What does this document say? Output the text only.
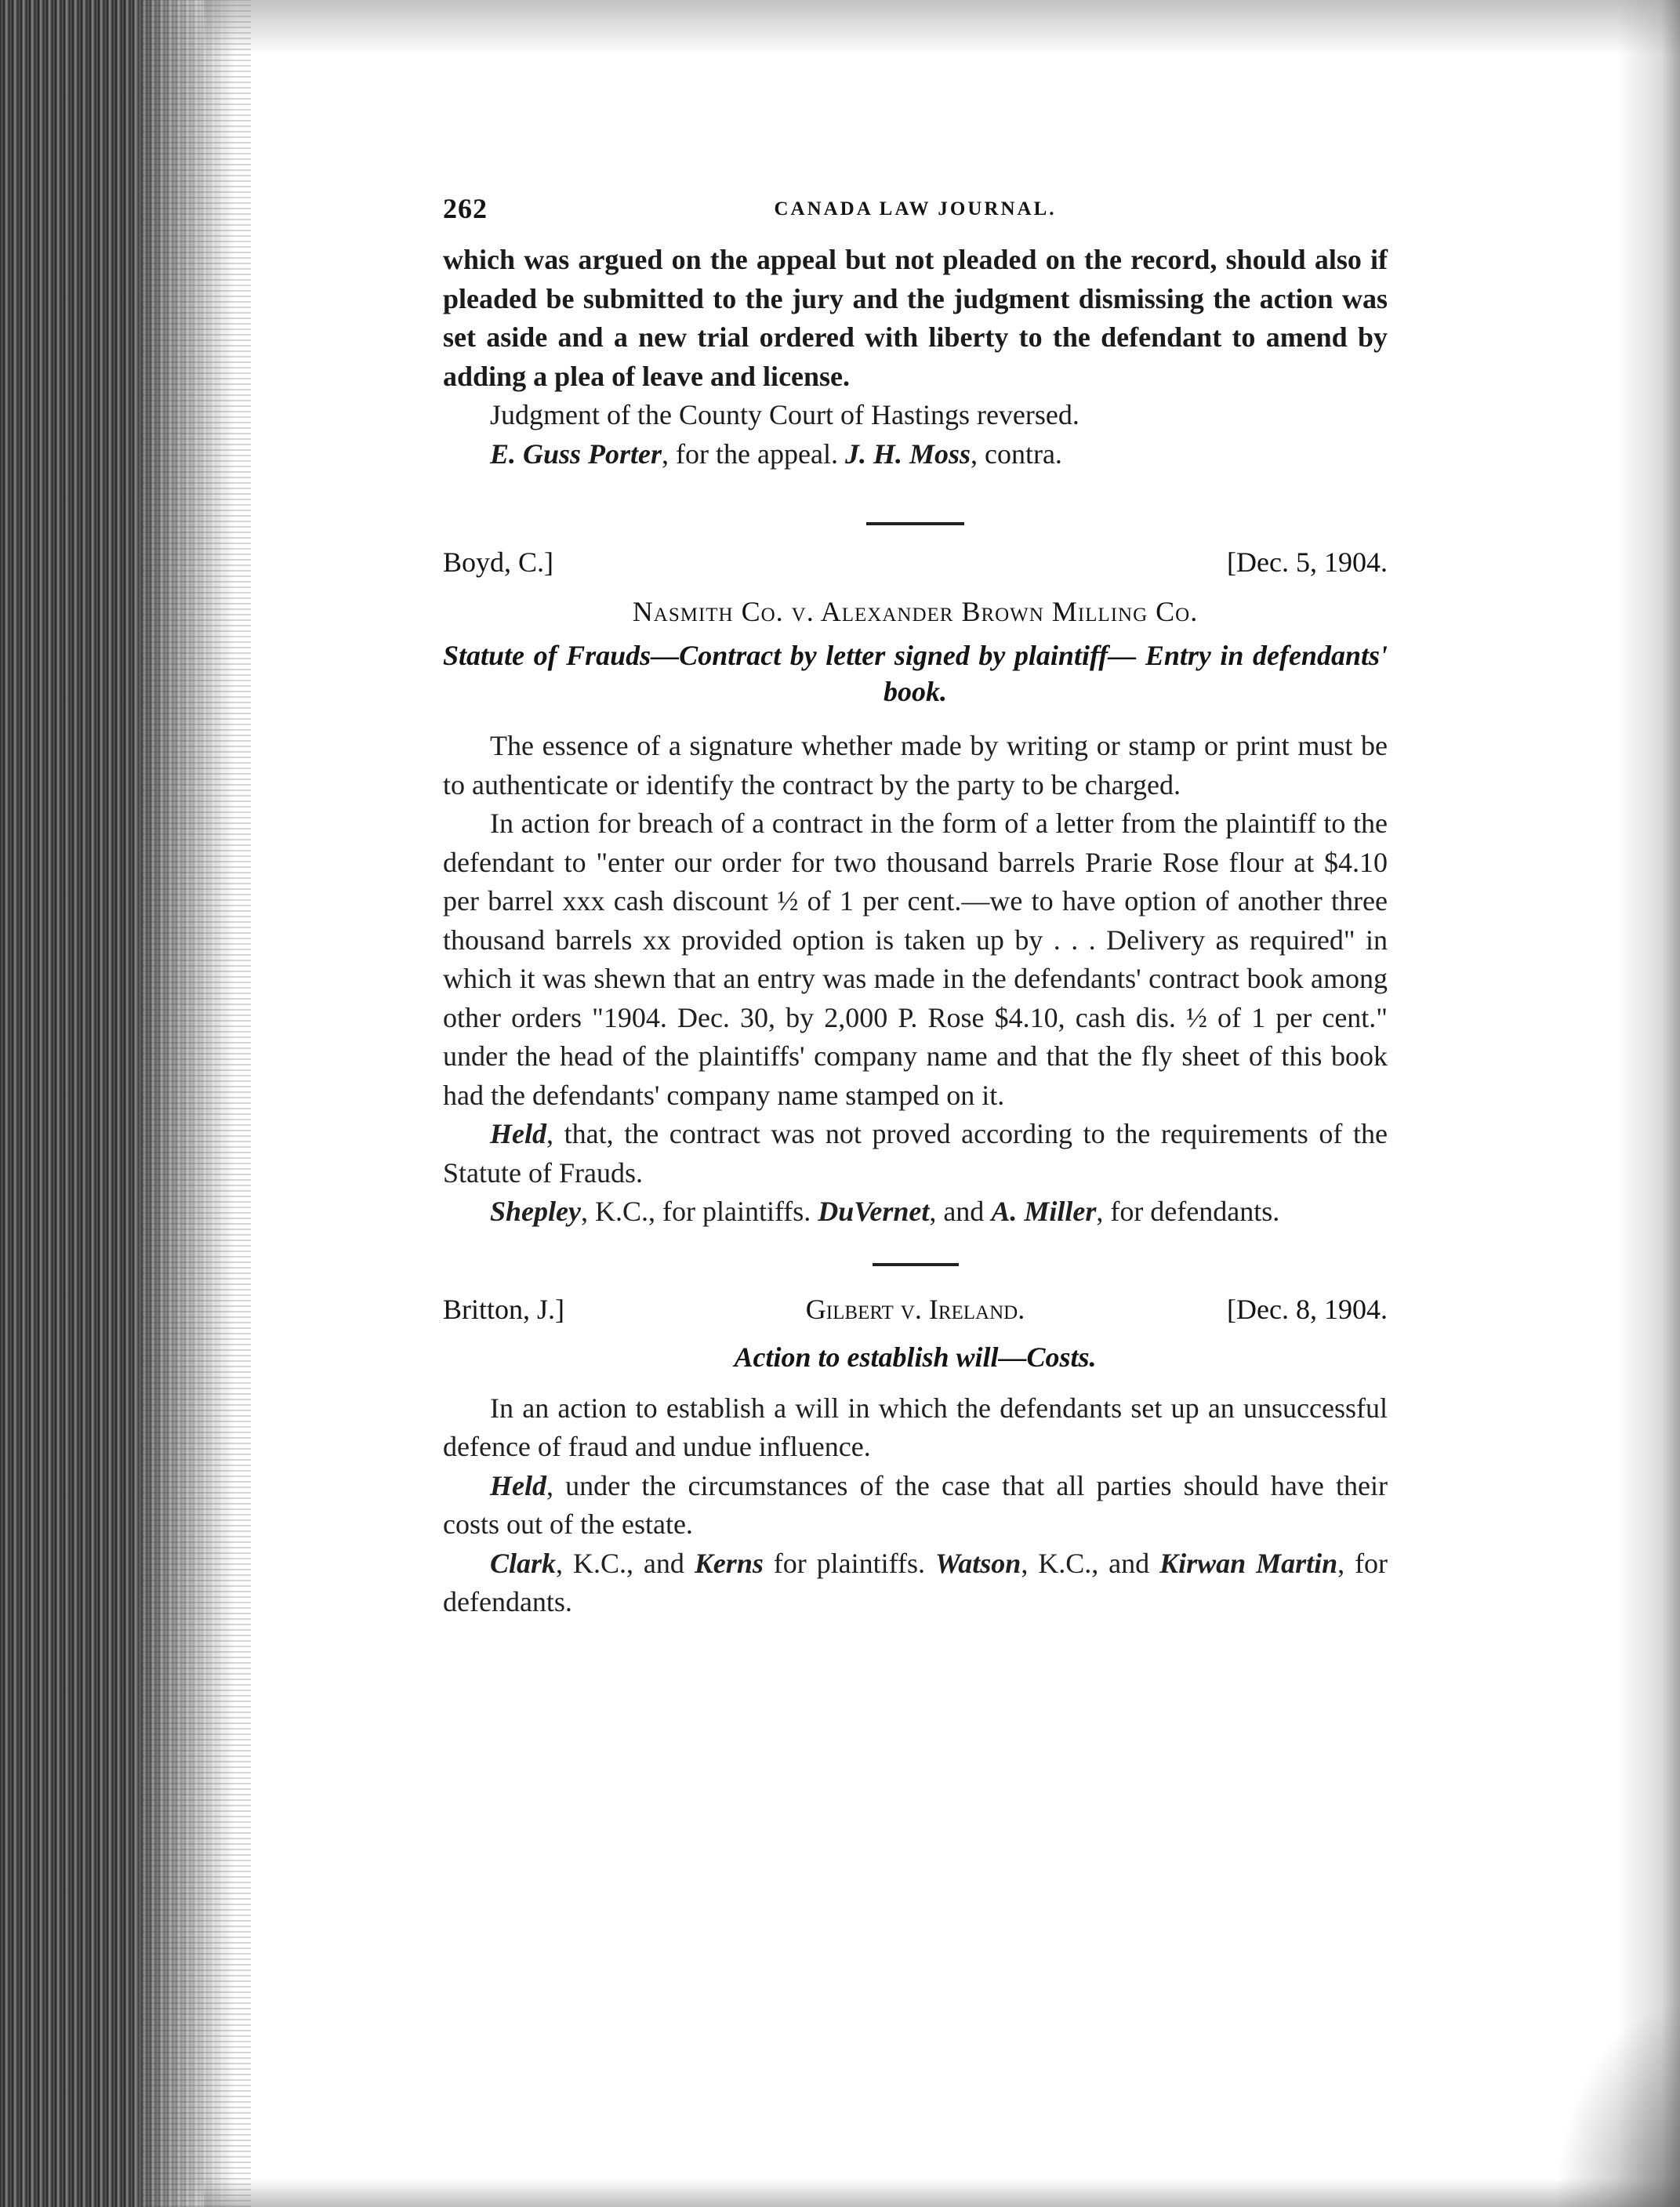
262	CANADA LAW JOURNAL.

which was argued on the appeal but not pleaded on the record, should also if pleaded be submitted to the jury and the judgment dismissing the action was set aside and a new trial ordered with liberty to the defendant to amend by adding a plea of leave and license.

Judgment of the County Court of Hastings reversed.

E. Guss Porter, for the appeal. J. H. Moss, contra.

Boyd, C.]	[Dec. 5, 1904.
Nasmith Co. v. Alexander Brown Milling Co.
Statute of Frauds—Contract by letter signed by plaintiff— Entry in defendants' book.

The essence of a signature whether made by writing or stamp or print must be to authenticate or identify the contract by the party to be charged.

In action for breach of a contract in the form of a letter from the plaintiff to the defendant to "enter our order for two thousand barrels Prarie Rose flour at $4.10 per barrel xxx cash discount ½ of 1 per cent.—we to have option of another three thousand barrels xx provided option is taken up by . . . Delivery as required" in which it was shewn that an entry was made in the defendants' contract book among other orders "1904. Dec. 30, by 2,000 P. Rose $4.10, cash dis. ½ of 1 per cent." under the head of the plaintiffs' company name and that the fly sheet of this book had the defendants' company name stamped on it.

Held, that, the contract was not proved according to the requirements of the Statute of Frauds.

Shepley, K.C., for plaintiffs. DuVernet, and A. Miller, for defendants.

Britton, J.]	Gilbert v. Ireland.	[Dec. 8, 1904.
Action to establish will—Costs.

In an action to establish a will in which the defendants set up an unsuccessful defence of fraud and undue influence.

Held, under the circumstances of the case that all parties should have their costs out of the estate.

Clark, K.C., and Kerns for plaintiffs. Watson, K.C., and Kirwan Martin, for defendants.
